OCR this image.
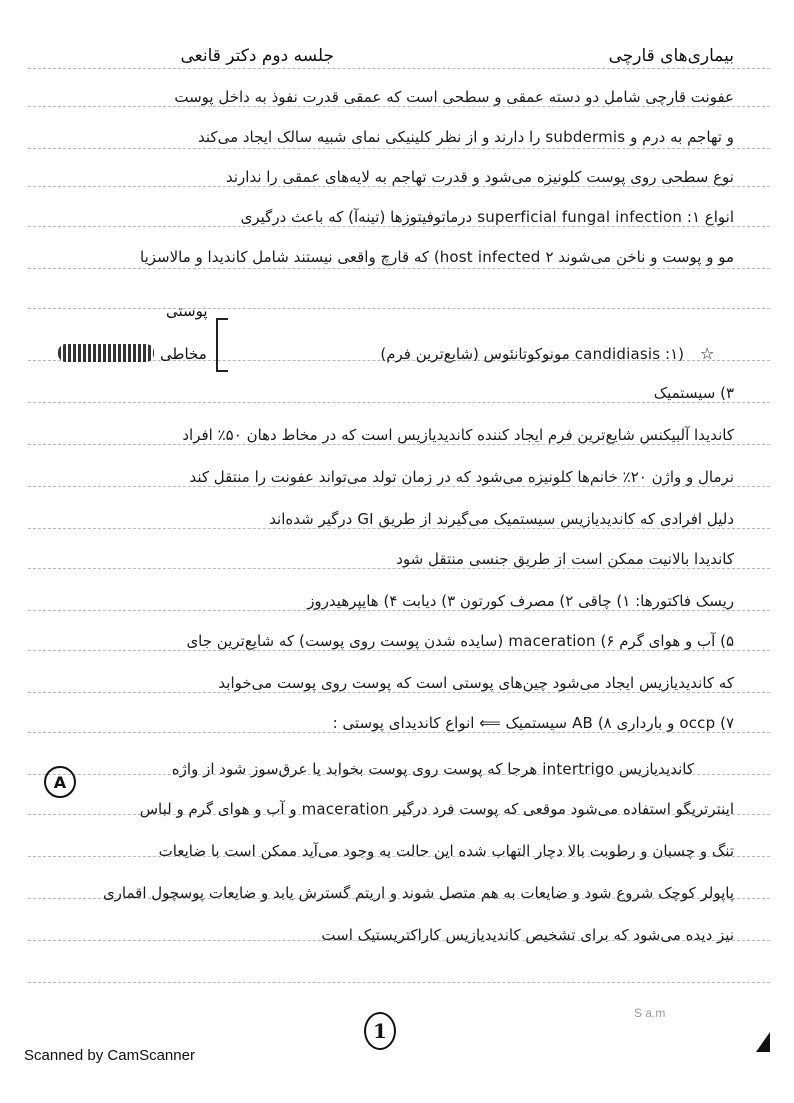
جلسه دوم دکتر قانعی	بیماری‌های قارچی
عفونت قارچی شامل دو دسته عمقی و سطحی است که عمقی قدرت نفوذ به داخل پوست
و تهاجم به درم و subdermis را دارند و از نظر کلینیکی نمای شبیه سالک ایجاد می‌کند
نوع سطحی روی پوست کلونیزه می‌شود و قدرت تهاجم به لایه‌های عمقی را ندارند
انواع ۱: superficial fungal infection درماتوفیتوزها (تینه‌آ) که باعث درگیری
مو و پوست و ناخن می‌شوند host infected ۲) که قارچ واقعی نیستند شامل کاندیدا و مالاسزیا
☆
(۱: candidiasis مونوکوتانئوس (شایع‌ترین فرم)
پوستی
مخاطی
۳) سیستمیک
کاندیدا آلبیکنس شایع‌ترین فرم ایجاد کننده کاندیدیازیس است که در مخاط دهان ۵۰٪ افراد
نرمال و واژن ۲۰٪ خانم‌ها کلونیزه می‌شود که در زمان تولد می‌تواند عفونت را منتقل کند
دلیل افرادی که کاندیدیازیس سیستمیک می‌گیرند از طریق GI درگیر شده‌اند
کاندیدا بالانیت ممکن است از طریق جنسی منتقل شود
ریسک فاکتورها: ۱) چاقی ۲) مصرف کورتون ۳) دیابت ۴) هایپرهیدروز
۵) آب و هوای گرم ۶) maceration (سایده شدن پوست روی پوست) که شایع‌ترین جای
که کاندیدیازیس ایجاد می‌شود چین‌های پوستی است که پوست روی پوست می‌خوابد
۷) occp و بارداری ۸) AB سیستمیک ⟸ انواع کاندیدای پوستی :
A
کاندیدیازیس intertrigo هرجا که پوست روی پوست بخوابد یا عرق‌سوز شود از واژه
اینترتریگو استفاده می‌شود موقعی که پوست فرد درگیر maceration و آب و هوای گرم و لباس
تنگ و چسبان و رطوبت بالا دچار التهاب شده این حالت به وجود می‌آید ممکن است با ضایعات
پاپولر کوچک شروع شود و ضایعات به هم متصل شوند و اریتم گسترش یابد و ضایعات پوسچول اقماری
نیز دیده می‌شود که برای تشخیص کاندیدیازیس کاراکتریستیک است
S a.m
1
Scanned by CamScanner
